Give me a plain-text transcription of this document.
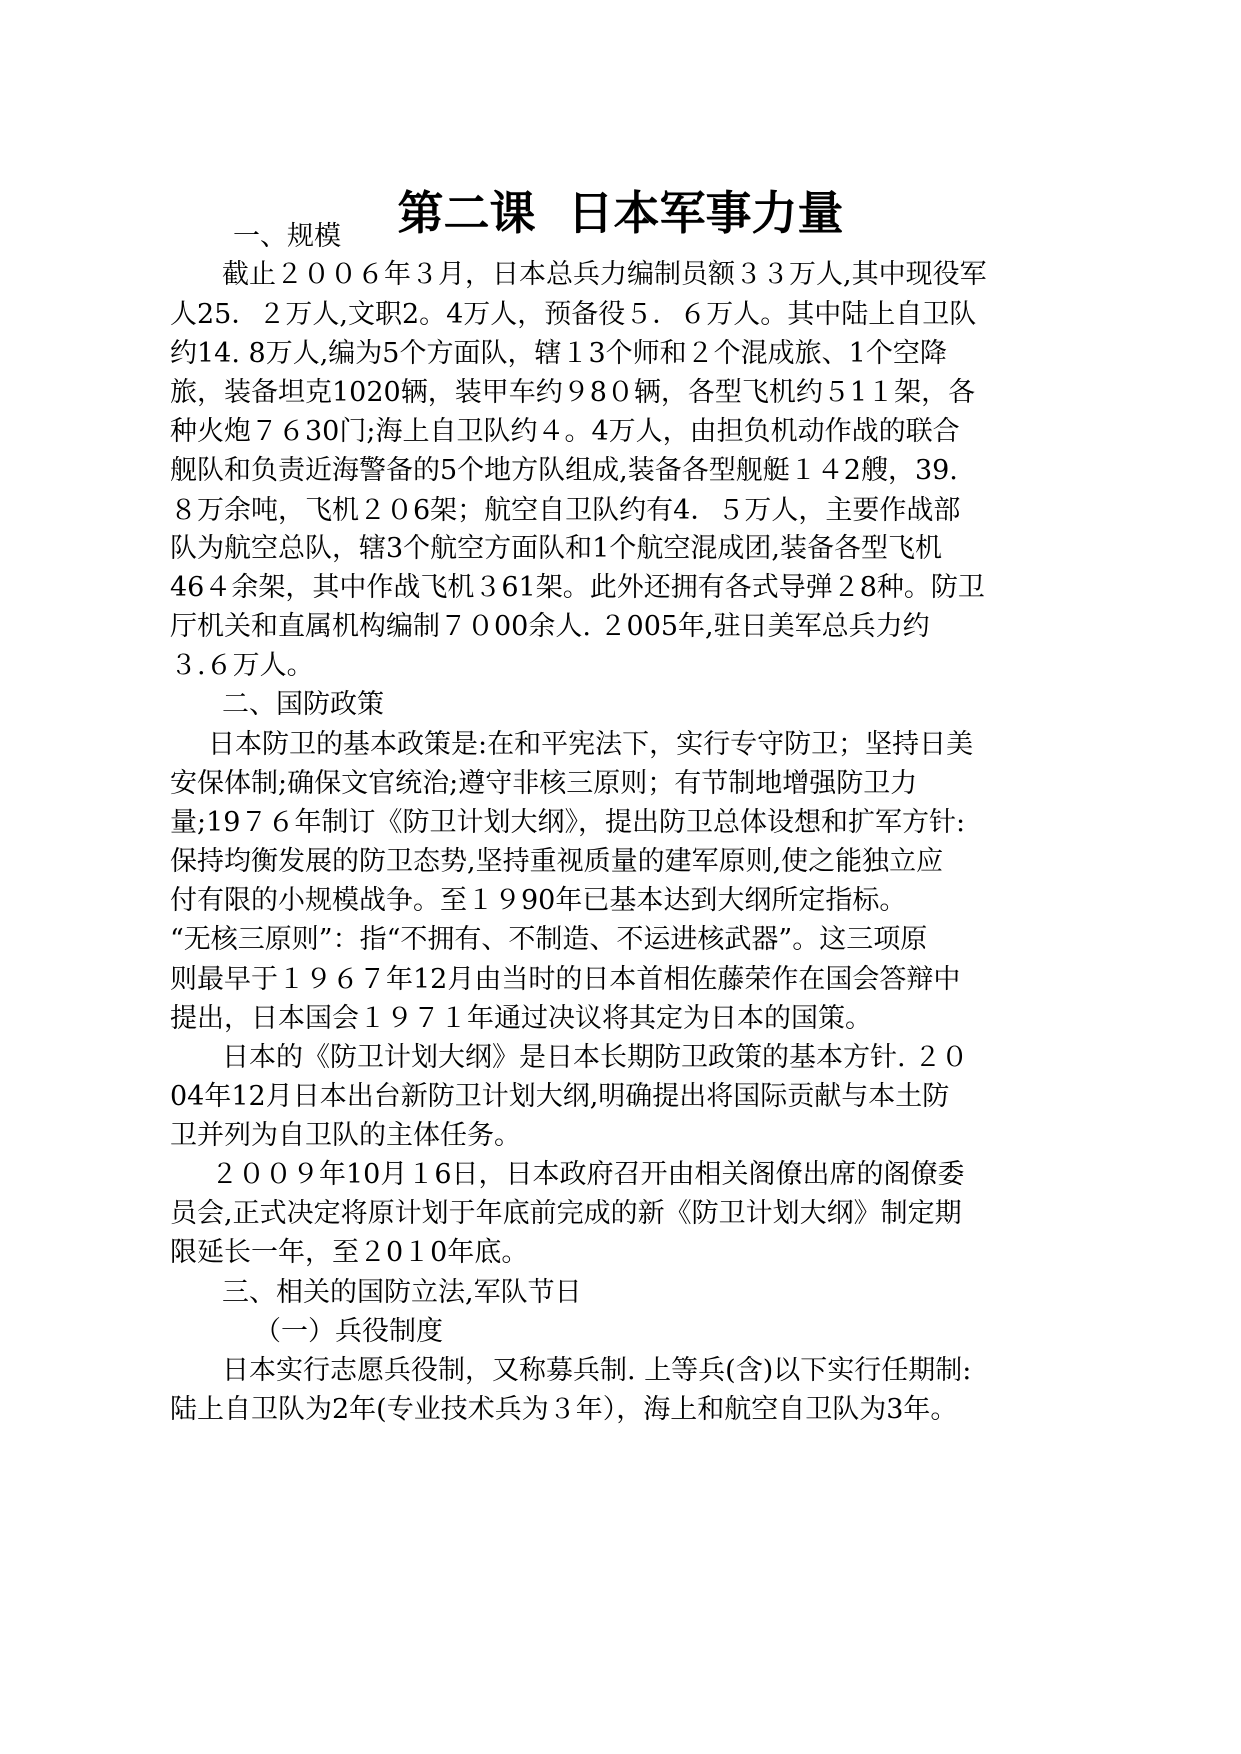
第二课  日本军事力量
一、规模
截止２００６年３月，日本总兵力编制员额３３万人,其中现役军
人25．２万人,文职2。4万人，预备役５．６万人。其中陆上自卫队
约14. 8万人,编为5个方面队，辖１3个师和２个混成旅、1个空降
旅，装备坦克1020辆，装甲车约９8０辆，各型飞机约５1１架，各
种火炮７６30门;海上自卫队约４。4万人，由担负机动作战的联合
舰队和负责近海警备的5个地方队组成,装备各型舰艇１４2艘，39.
８万余吨，飞机２０6架；航空自卫队约有4．５万人，主要作战部
队为航空总队，辖3个航空方面队和1个航空混成团,装备各型飞机
46４余架，其中作战飞机３61架。此外还拥有各式导弹２8种。防卫
厅机关和直属机构编制７０00余人. ２005年,驻日美军总兵力约
３.６万人。
二、国防政策
日本防卫的基本政策是:在和平宪法下，实行专守防卫；坚持日美
安保体制;确保文官统治;遵守非核三原则；有节制地增强防卫力
量;19７６年制订《防卫计划大纲》，提出防卫总体设想和扩军方针:
保持均衡发展的防卫态势,坚持重视质量的建军原则,使之能独立应
付有限的小规模战争。至１９90年已基本达到大纲所定指标。
“无核三原则”：指“不拥有、不制造、不运进核武器”。这三项原
则最早于１９６７年12月由当时的日本首相佐藤荣作在国会答辩中
提出，日本国会１９７１年通过决议将其定为日本的国策。
日本的《防卫计划大纲》是日本长期防卫政策的基本方针. ２０
04年12月日本出台新防卫计划大纲,明确提出将国际贡献与本土防
卫并列为自卫队的主体任务。
２００９年10月１6日，日本政府召开由相关阁僚出席的阁僚委
员会,正式决定将原计划于年底前完成的新《防卫计划大纲》制定期
限延长一年，至２0１0年底。
三、相关的国防立法,军队节日
（一）兵役制度
日本实行志愿兵役制，又称募兵制. 上等兵(含)以下实行任期制:
陆上自卫队为2年(专业技术兵为３年），海上和航空自卫队为3年。
